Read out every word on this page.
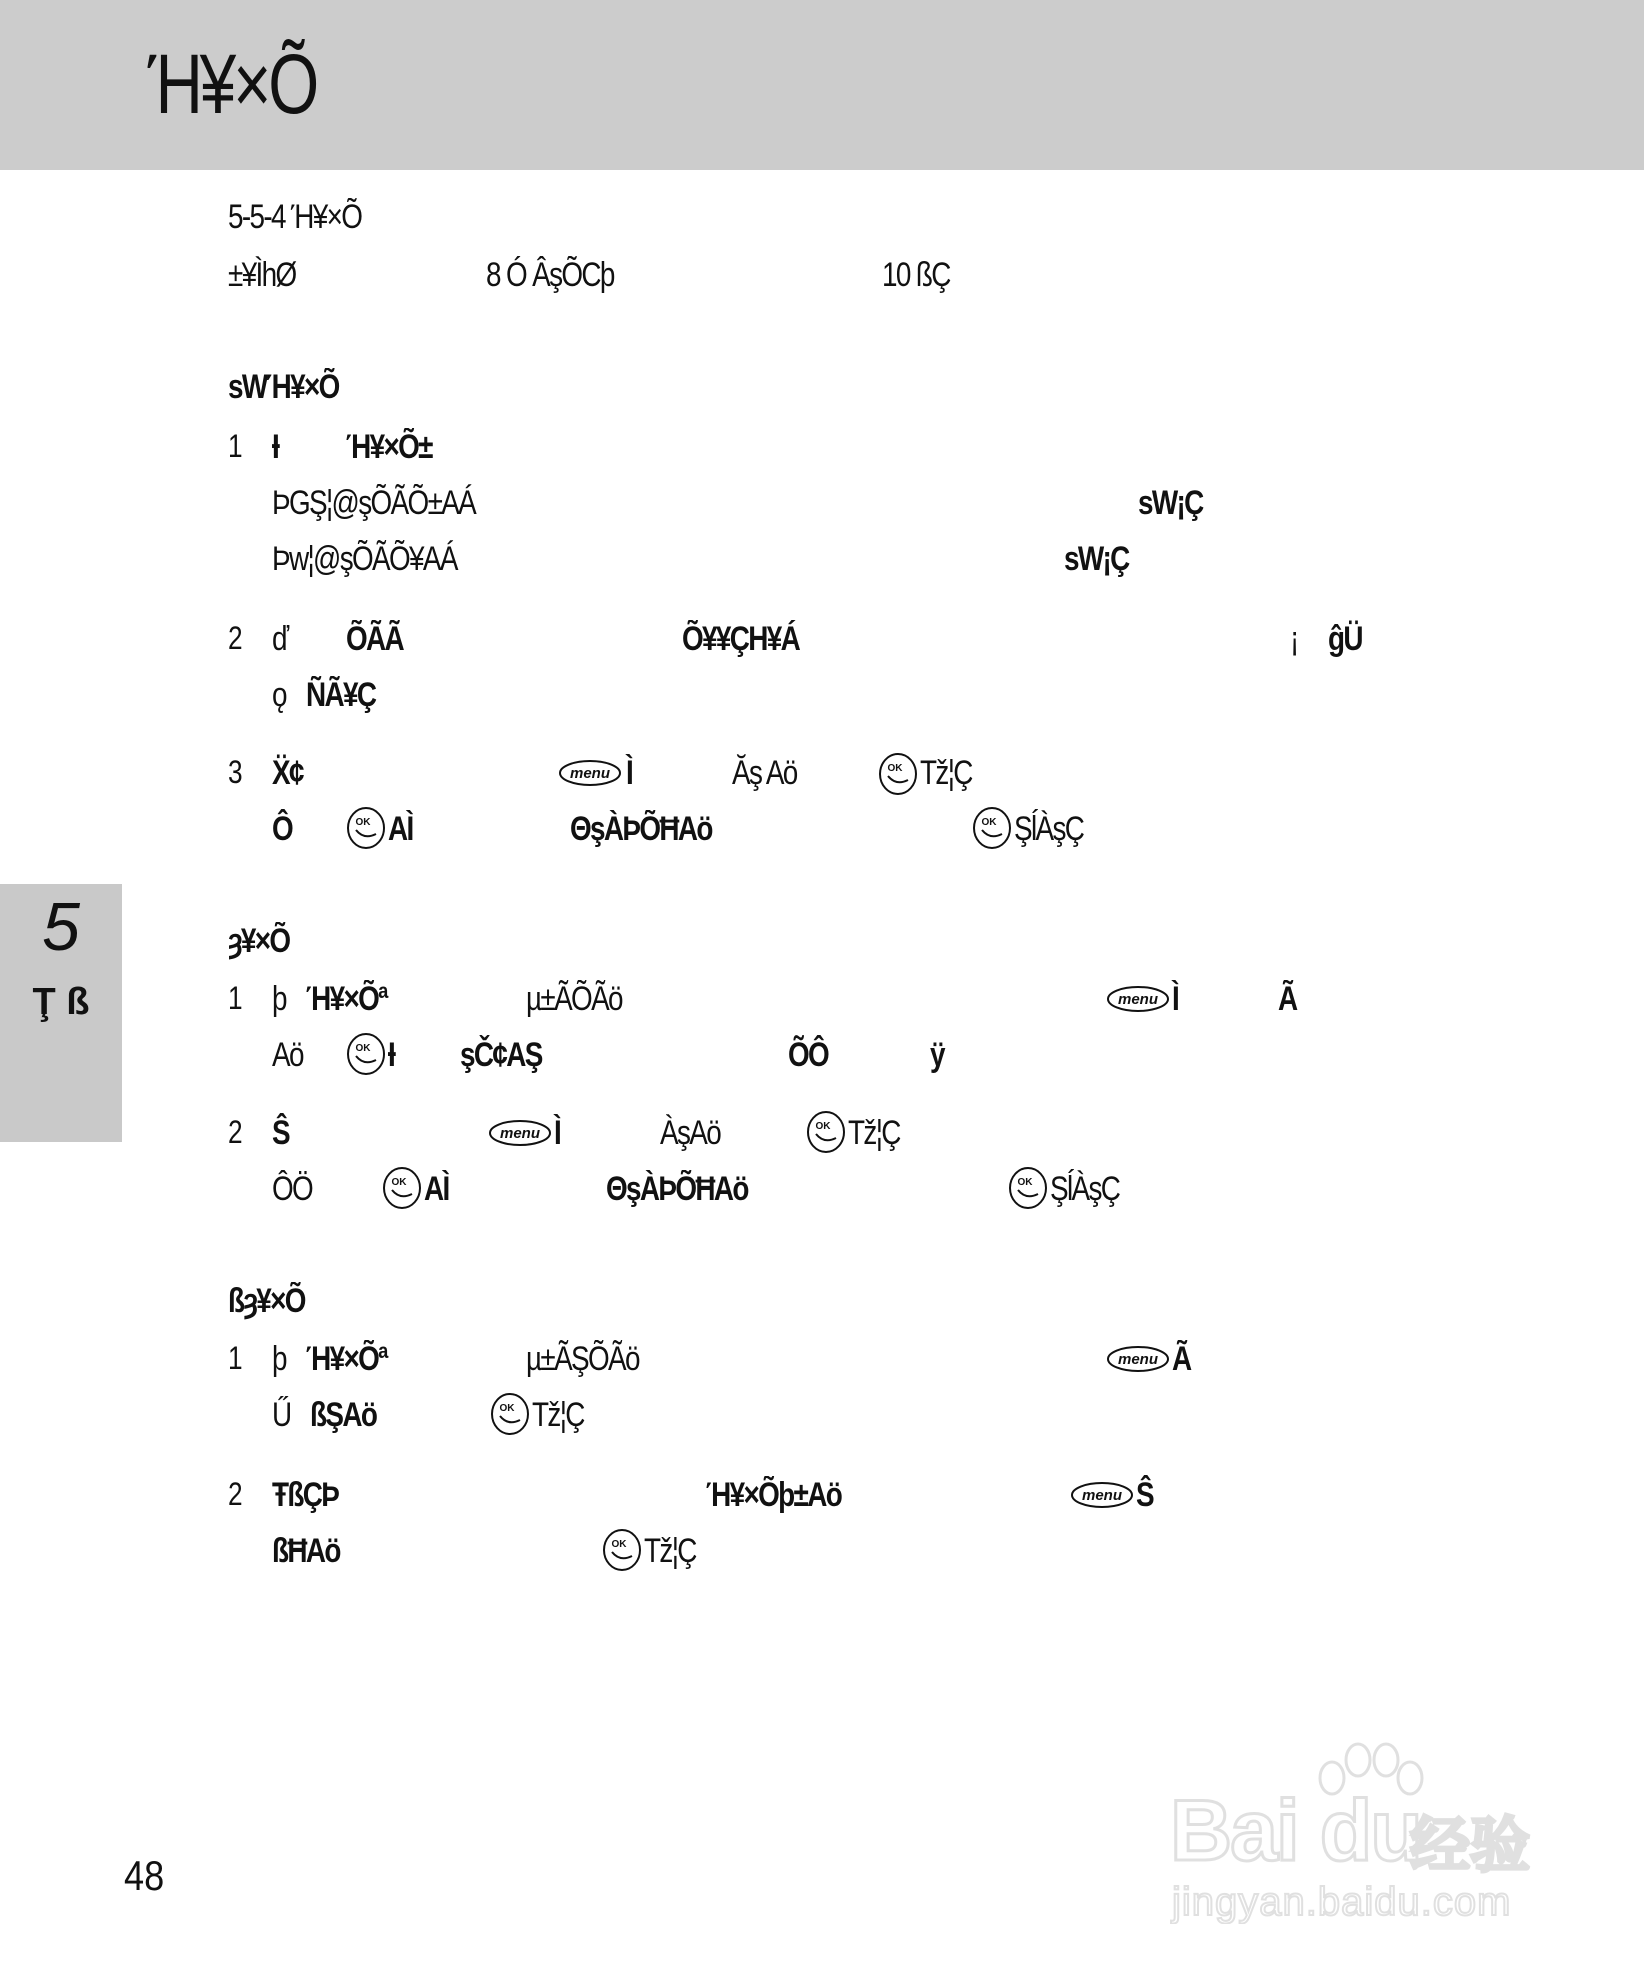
Ή¥×Õ
5
Ţ ß
5-5-4 Ή¥×Õ
±¥ÌhØ	8 Ó ÂşÕCþ	10 ßÇ
sWΉ¥×Õ
1 Ɨ Ή¥×Õ±
ÞGŞ¦@şÕÃÕ±AÁ	sW¡Ç
Þw¦@şÕÃÕ¥AÁ	sW¡Ç
2 ď ÕÃÃ	Õ¥¥ÇH¥Á	¡ ĝÜ
ǫ ÑÃ¥Ç
3 Ẍ¢	menu Ì	Ăş Aö	OK Tž¦Ç
Ô	OK AÌ	ΘşÀÞÕĦAö	OK ŞĺÀşÇ
ȝ¥×Õ
1 þ Ή¥×Õª	µ±ÃÕÃö	menu Ì	Ã
Aö	OK Ɨ şČ¢AŞ	ÕÔ	ÿ
2 Ŝ	menu Ì	ÀşAö	OK Tž¦Ç
ÔÖ	OK AÌ	ΘşÀÞÕĦAö	OK ŞĺÀşÇ
ßȝ¥×Õ
1 þ Ή¥×Õª	µ±ÃŞÕÃö	menu Ã
Ű ßŞAö	OK Tž¦Ç
2 ŦßÇÞ	Ή¥×Õþ±Aö	menu Ŝ
ßĦAö	OK Tž¦Ç
48	Bai du
经验
jingyan.baidu.com
